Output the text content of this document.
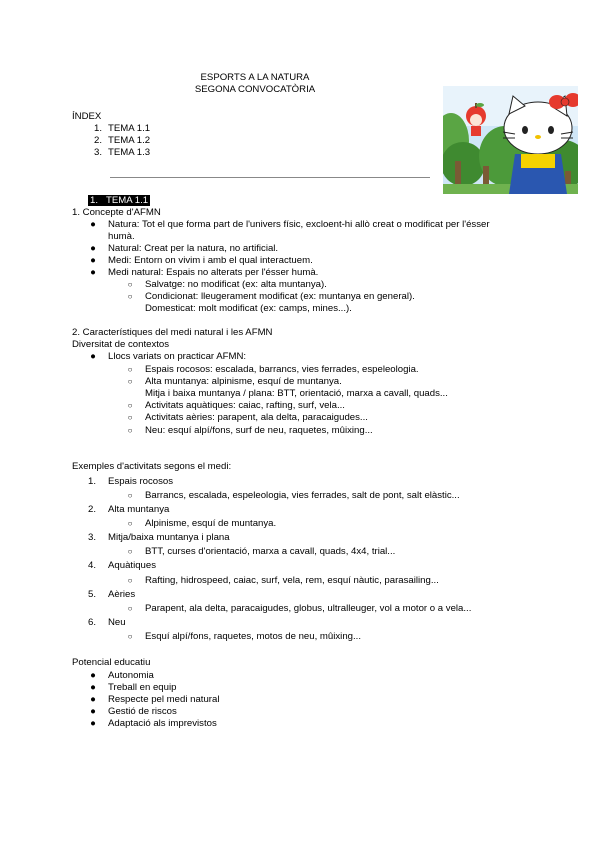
ESPORTS A LA NATURA
SEGONA CONVOCATÒRIA
ÍNDEX
1. TEMA 1.1
2. TEMA 1.2
3. TEMA 1.3
1. TEMA 1.1
1. Concepte d'AFMN
● Natura: Tot el que forma part de l'univers físic, excloent-hi allò creat o modificat per l'ésser
humà.
● Natural: Creat per la natura, no artificial.
● Medi: Entorn on vivim i amb el qual interactuem.
● Medi natural: Espais no alterats per l'ésser humà.
○ Salvatge: no modificat (ex: alta muntanya).
○ Condicionat: lleugerament modificat (ex: muntanya en general).
Domesticat: molt modificat (ex: camps, mines...).
2. Característiques del medi natural i les AFMN
Diversitat de contextos
● Llocs variats on practicar AFMN:
○ Espais rocosos: escalada, barrancs, vies ferrades, espeleologia.
○ Alta muntanya: alpinisme, esquí de muntanya.
Mitja i baixa muntanya / plana: BTT, orientació, marxa a cavall, quads...
○ Activitats aquàtiques: caiac, rafting, surf, vela...
○ Activitats aèries: parapent, ala delta, paracaigudes...
○ Neu: esquí alpí/fons, surf de neu, raquetes, mûixing...
Exemples d'activitats segons el medi:
1. Espais rocosos
○ Barrancs, escalada, espeleologia, vies ferrades, salt de pont, salt elàstic...
2. Alta muntanya
○ Alpinisme, esquí de muntanya.
3. Mitja/baixa muntanya i plana
○ BTT, curses d'orientació, marxa a cavall, quads, 4x4, trial...
4. Aquàtiques
○ Rafting, hidrospeed, caiac, surf, vela, rem, esquí nàutic, parasailing...
5. Aèries
○ Parapent, ala delta, paracaigudes, globus, ultralleuger, vol a motor o a vela...
6. Neu
○ Esquí alpí/fons, raquetes, motos de neu, mûixing...
Potencial educatiu
● Autonomia
● Treball en equip
● Respecte pel medi natural
● Gestió de riscos
● Adaptació als imprevistos
